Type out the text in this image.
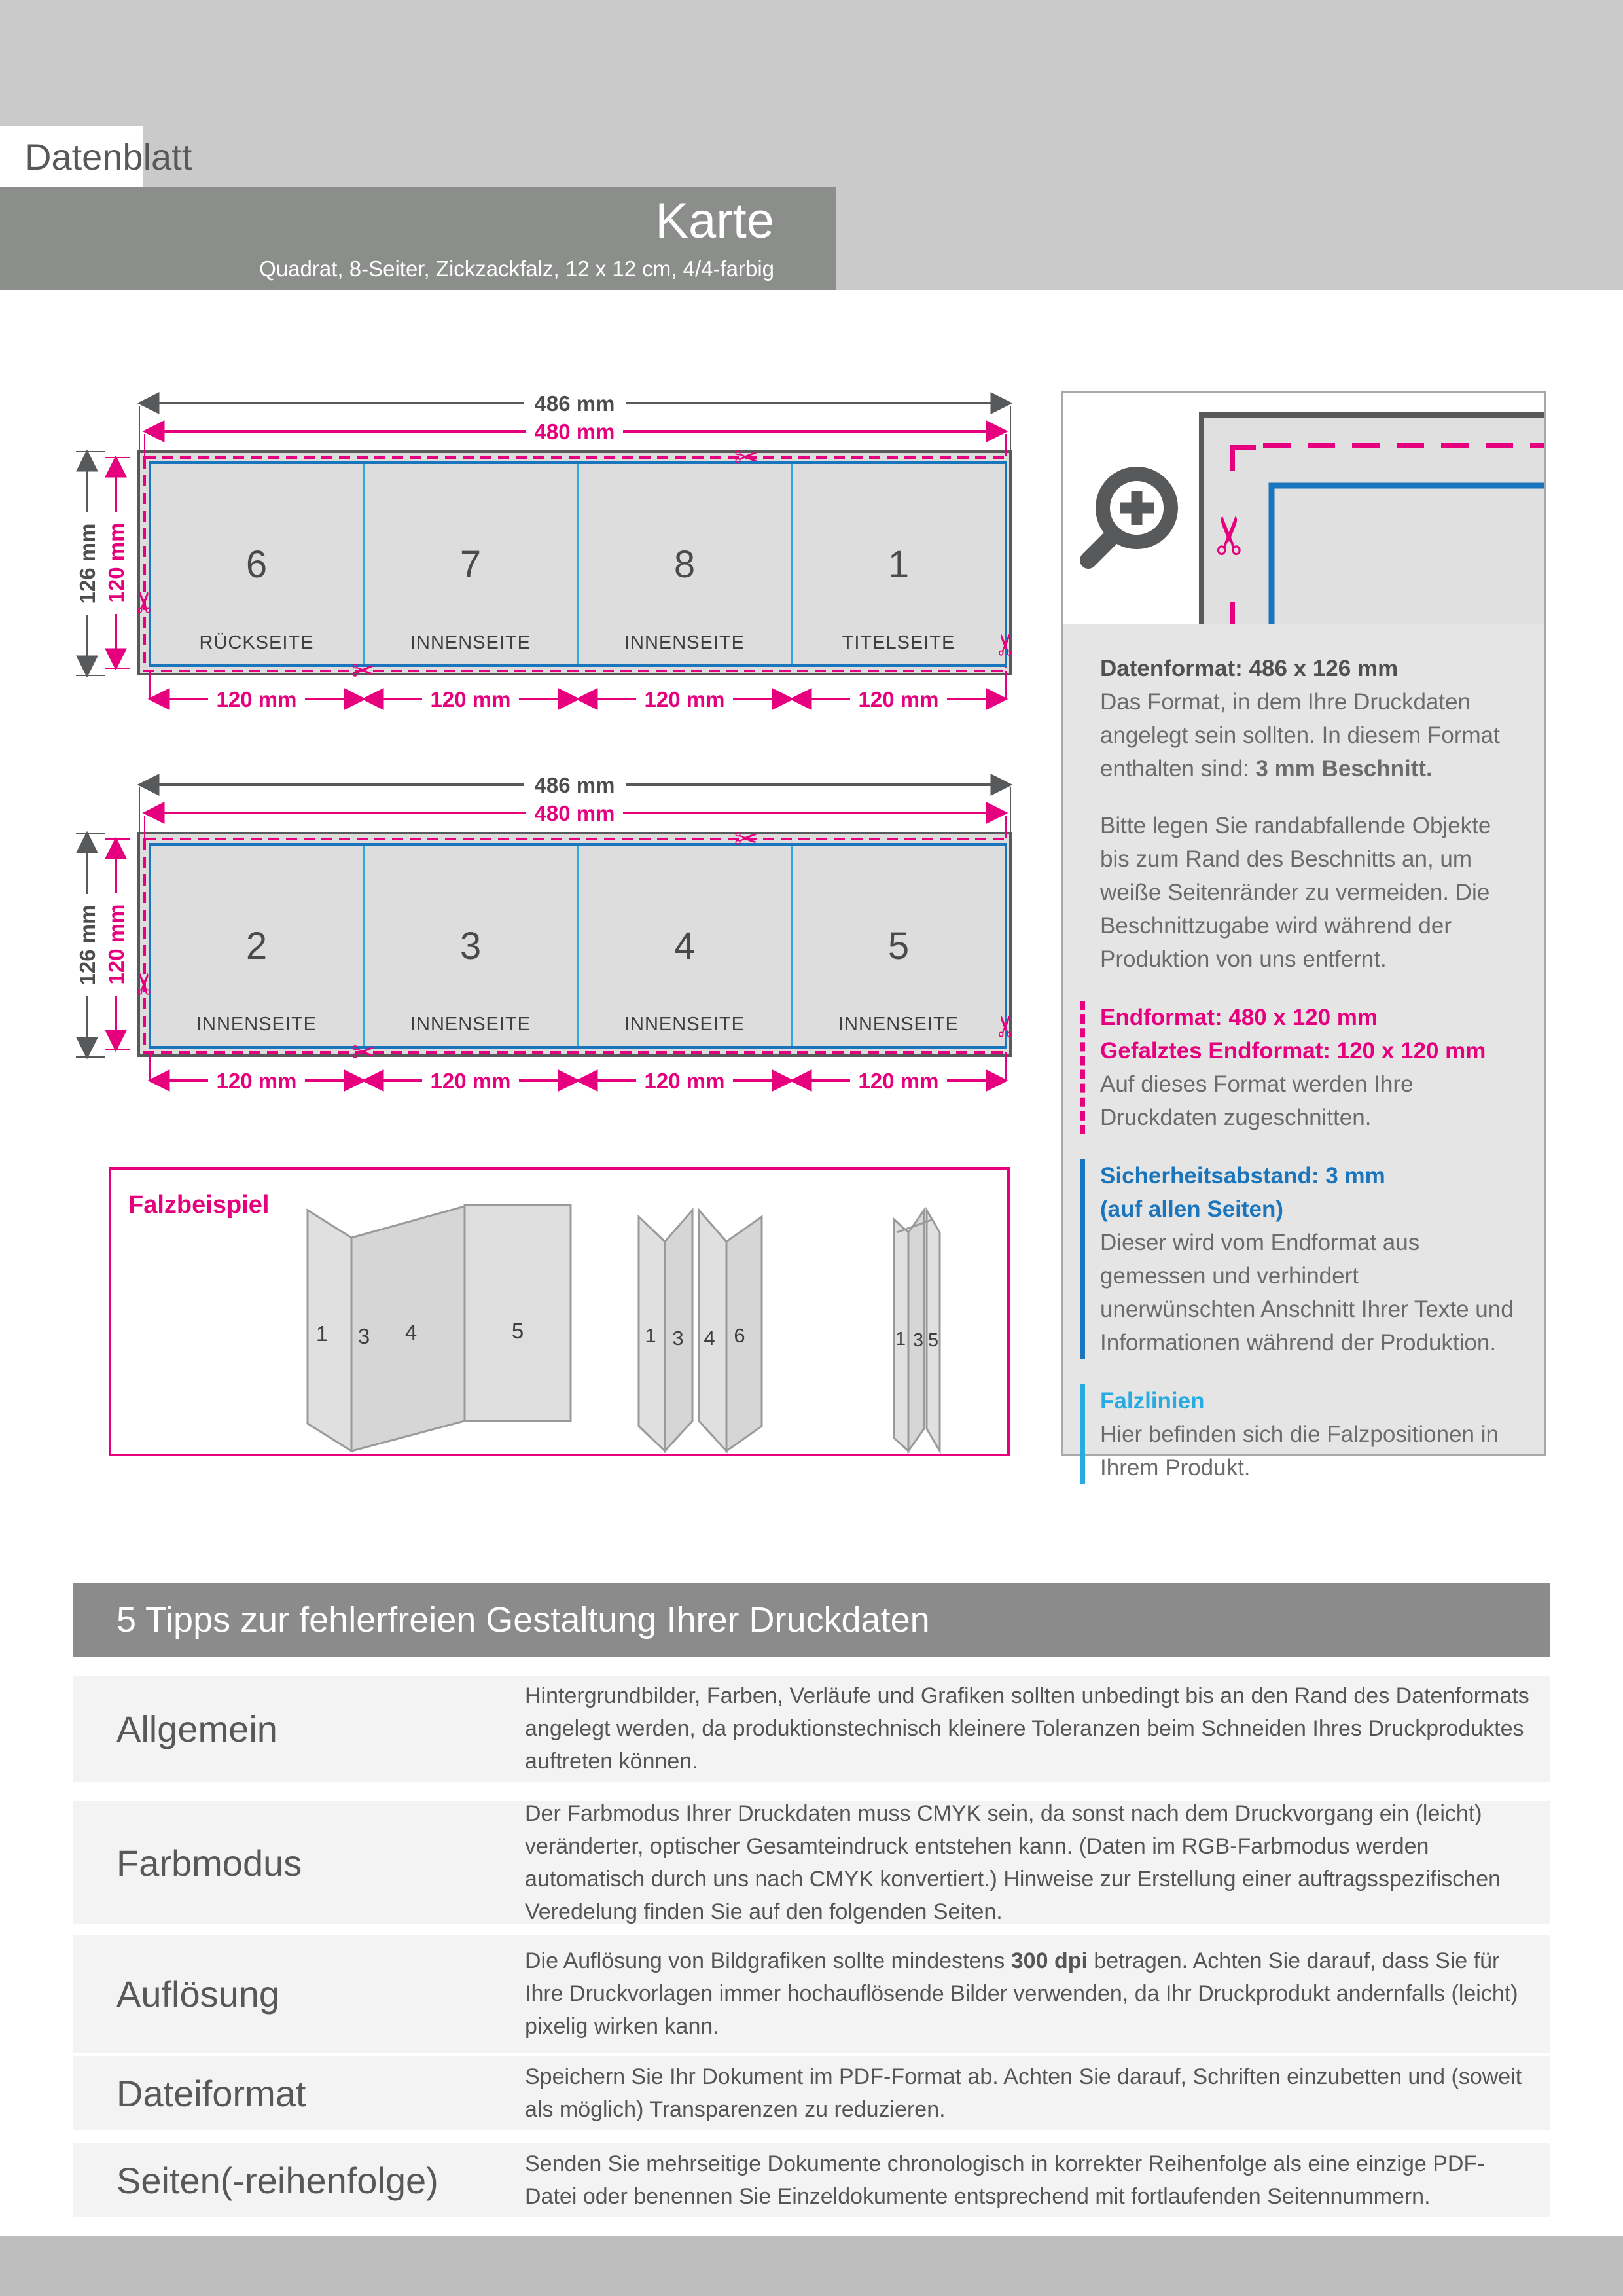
Datenblatt
Karte
Quadrat, 8-Seiter, Zickzackfalz, 12 x 12 cm, 4/4-farbig
486 mm
480 mm
126 mm 120 mm	6	7	8	1
RÜCKSEITE	INNENSEITE	INNENSEITE	TITELSEITE
120 mm	120 mm	120 mm	120 mm
✂
✂
✂
✂
486 mm
480 mm
126 mm 120 mm	2	3	4	5
INNENSEITE	INNENSEITE	INNENSEITE	INNENSEITE
120 mm	120 mm	120 mm	120 mm
✂
✂
✂
✂
Falzbeispiel
1 3 4	5	1 3 4 6	1 3 5
✂

Datenformat: 486 x 126 mm

Das Format, in dem Ihre Druckdaten angelegt sein sollten. In diesem Format enthalten sind: 3 mm Beschnitt.

Bitte legen Sie randabfallende Objekte bis zum Rand des Beschnitts an, um weiße Seitenränder zu vermeiden. Die Beschnittzugabe wird während der Produktion von uns entfernt.

Endformat: 480 x 120 mm

Gefalztes Endformat: 120 x 120 mm

Auf dieses Format werden Ihre Druckdaten zugeschnitten.

Sicherheitsabstand: 3 mm

(auf allen Seiten)

Dieser wird vom Endformat aus gemessen und verhindert unerwünschten Anschnitt Ihrer Texte und Informationen während der Produktion.

Falzlinien

Hier befinden sich die Falzpositionen in Ihrem Produkt.

5 Tipps zur fehlerfreien Gestaltung Ihrer Druckdaten
Allgemein
Hintergrundbilder, Farben, Verläufe und Grafiken sollten unbedingt bis an den Rand des Datenformats angelegt werden, da produktionstechnisch kleinere Toleranzen beim Schneiden Ihres Druckproduktes auftreten können.
Farbmodus
Der Farbmodus Ihrer Druckdaten muss CMYK sein, da sonst nach dem Druckvorgang ein (leicht) veränderter, optischer Gesamteindruck entstehen kann. (Daten im RGB-Farbmodus werden automatisch durch uns nach CMYK konvertiert.) Hinweise zur Erstellung einer auftragsspezifischen Veredelung finden Sie auf den folgenden Seiten.
Auflösung
Die Auflösung von Bildgrafiken sollte mindestens 300 dpi betragen. Achten Sie darauf, dass Sie für Ihre Druckvorlagen immer hochauflösende Bilder verwenden, da Ihr Druckprodukt andernfalls (leicht) pixelig wirken kann.
Dateiformat	Speichern Sie Ihr Dokument im PDF-Format ab. Achten Sie darauf, Schriften einzubetten und (soweit als möglich) Transparenzen zu reduzieren.
Seiten(-reihenfolge)	Senden Sie mehrseitige Dokumente chronologisch in korrekter Reihenfolge als eine einzige PDF-Datei oder benennen Sie Einzeldokumente entsprechend mit fortlaufenden Seitennummern.
